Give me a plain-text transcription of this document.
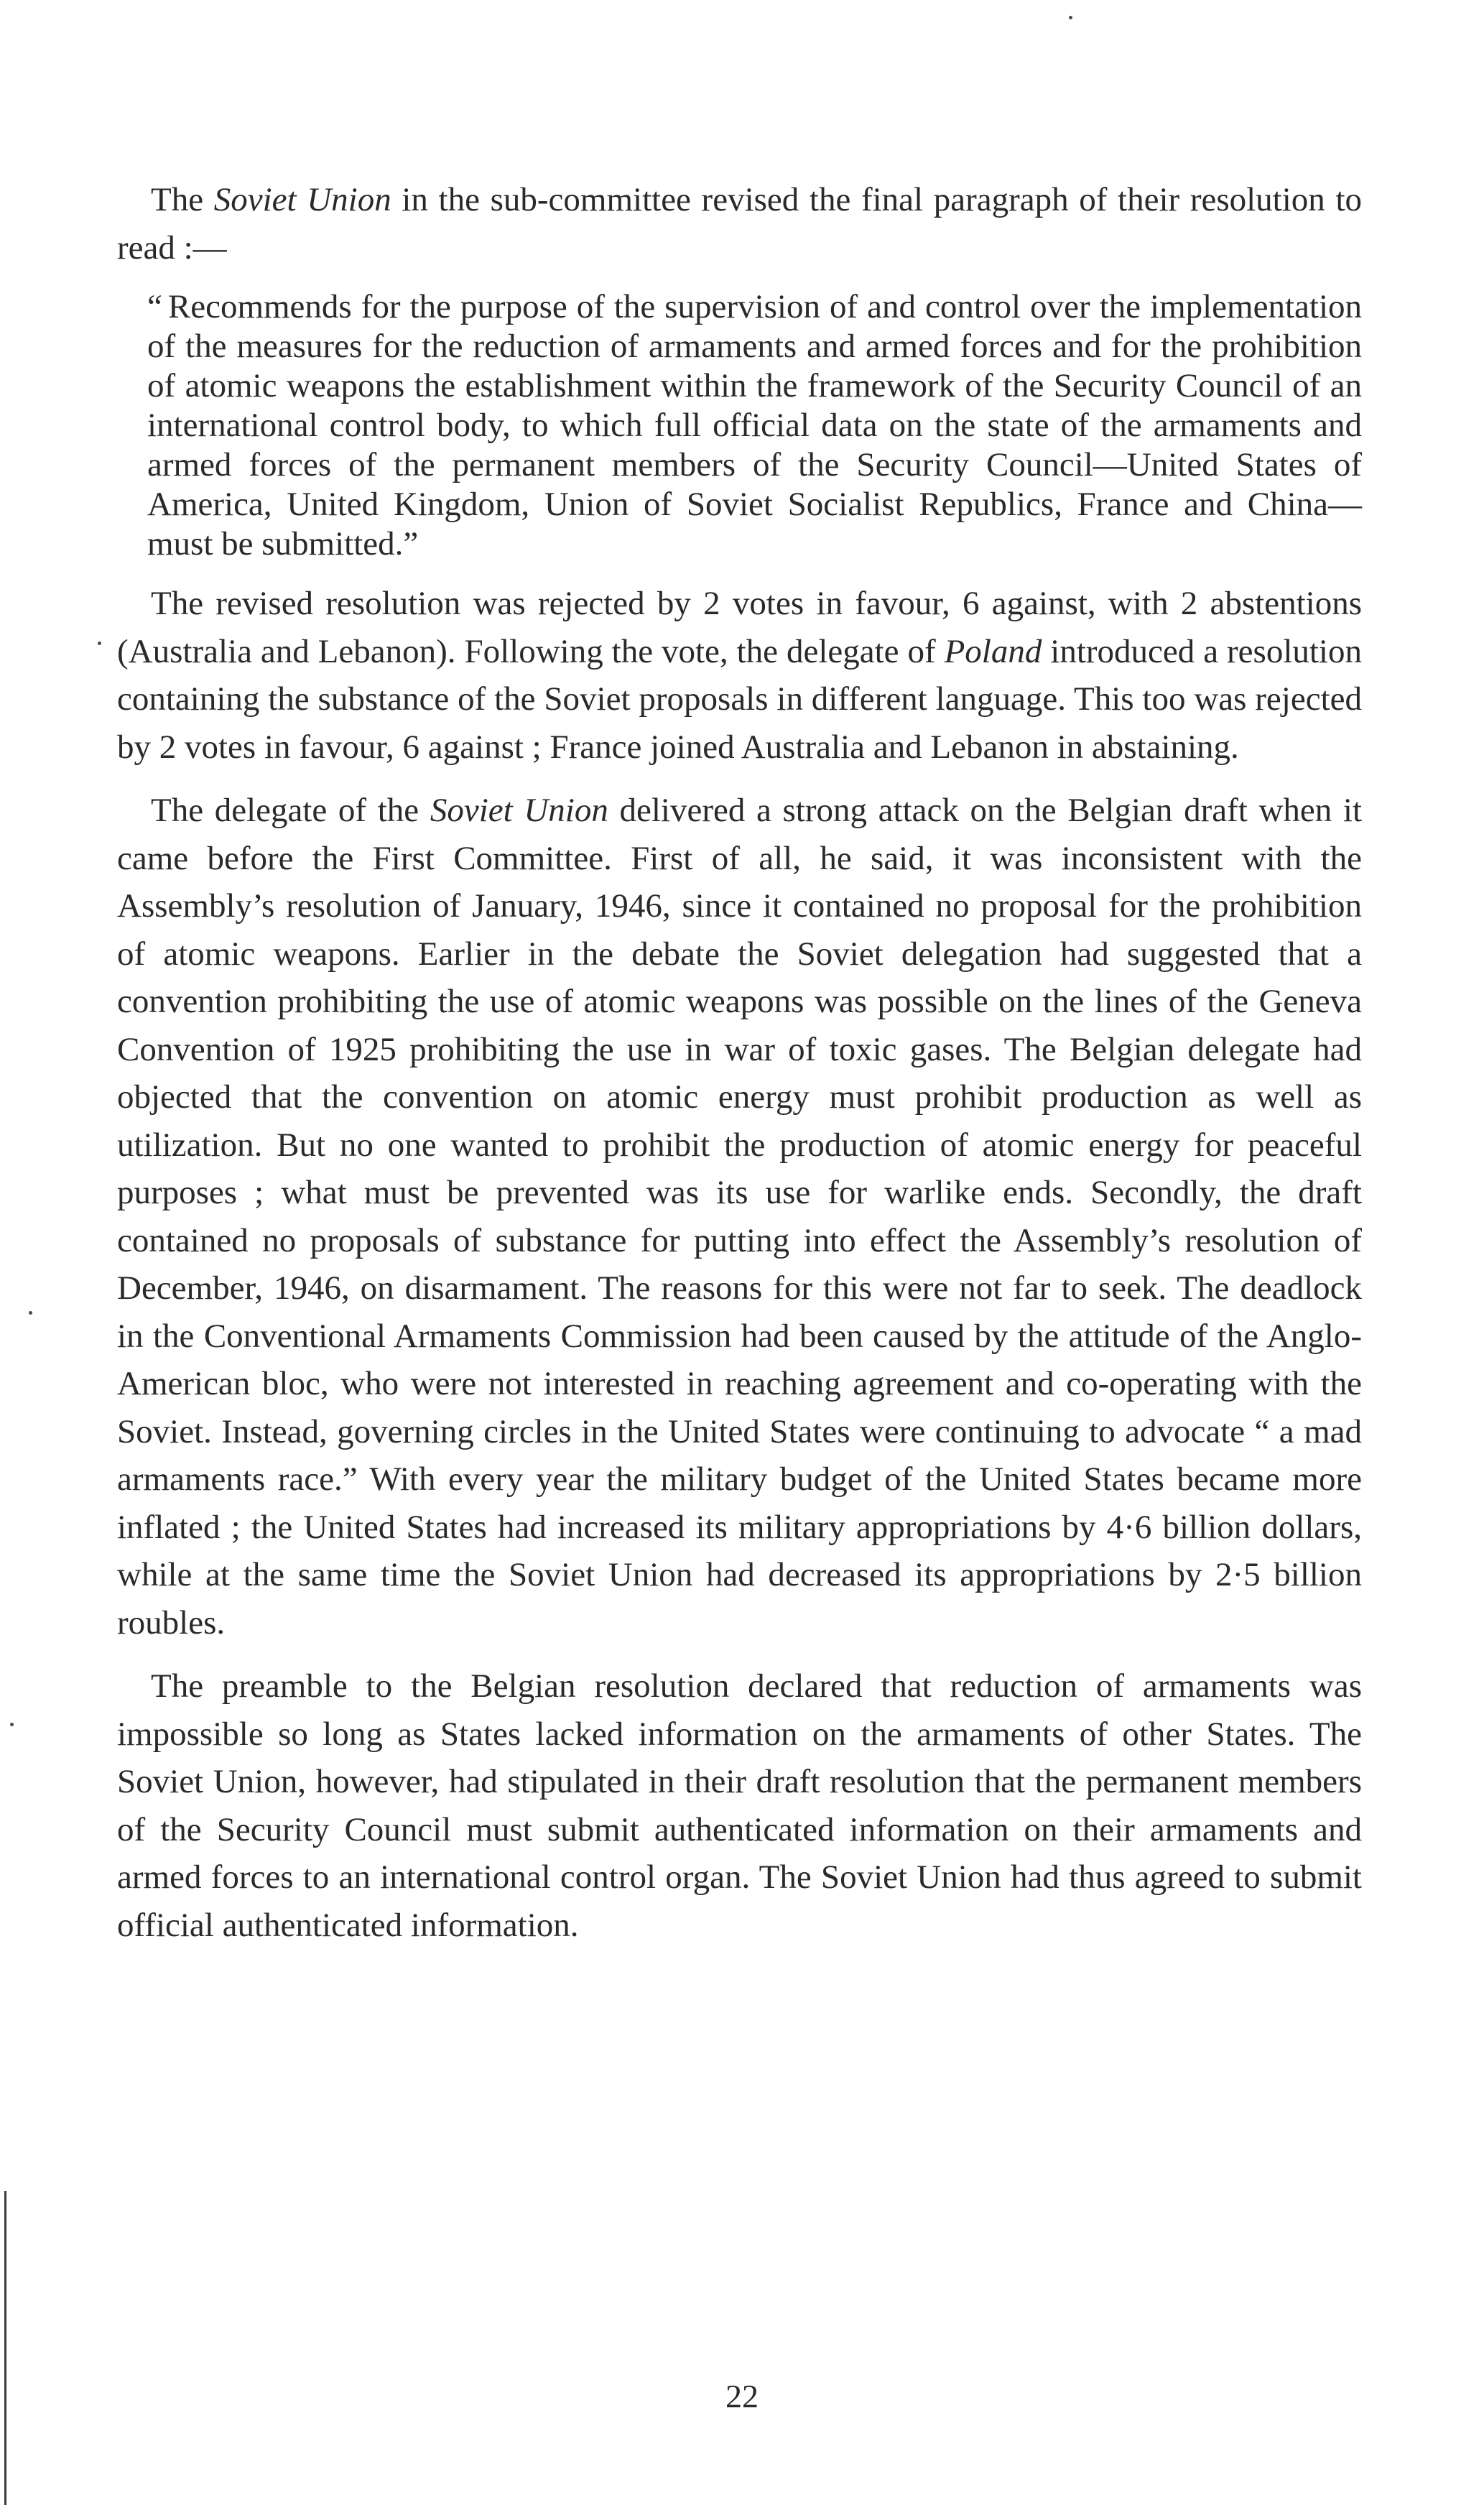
The Soviet Union in the sub-committee revised the final paragraph of their resolution to read :—

“ Recommends for the purpose of the supervision of and control over the implementation of the measures for the reduction of armaments and armed forces and for the prohibition of atomic weapons the establishment within the framework of the Security Council of an international control body, to which full official data on the state of the armaments and armed forces of the permanent members of the Security Council—United States of America, United Kingdom, Union of Soviet Socialist Republics, France and China—must be submitted.”

The revised resolution was rejected by 2 votes in favour, 6 against, with 2 abstentions (Australia and Lebanon). Following the vote, the delegate of Poland introduced a resolution containing the substance of the Soviet proposals in different language. This too was rejected by 2 votes in favour, 6 against ; France joined Australia and Lebanon in abstaining.

The delegate of the Soviet Union delivered a strong attack on the Belgian draft when it came before the First Committee. First of all, he said, it was inconsistent with the Assembly’s resolution of January, 1946, since it contained no proposal for the prohibition of atomic weapons. Earlier in the debate the Soviet delegation had suggested that a convention prohibiting the use of atomic weapons was possible on the lines of the Geneva Convention of 1925 prohibiting the use in war of toxic gases. The Belgian delegate had objected that the convention on atomic energy must prohibit production as well as utilization. But no one wanted to prohibit the production of atomic energy for peaceful purposes ; what must be prevented was its use for warlike ends. Secondly, the draft contained no proposals of substance for putting into effect the Assembly’s resolution of December, 1946, on disarmament. The reasons for this were not far to seek. The deadlock in the Conventional Armaments Commission had been caused by the attitude of the Anglo-American bloc, who were not interested in reaching agreement and co-operating with the Soviet. Instead, governing circles in the United States were continuing to advocate “ a mad armaments race.” With every year the military budget of the United States became more inflated ; the United States had increased its military appropriations by 4·6 billion dollars, while at the same time the Soviet Union had decreased its appropriations by 2·5 billion roubles.

The preamble to the Belgian resolution declared that reduction of armaments was impossible so long as States lacked information on the armaments of other States. The Soviet Union, however, had stipulated in their draft resolution that the permanent members of the Security Council must submit authenticated information on their armaments and armed forces to an international control organ. The Soviet Union had thus agreed to submit official authenticated information.

22
